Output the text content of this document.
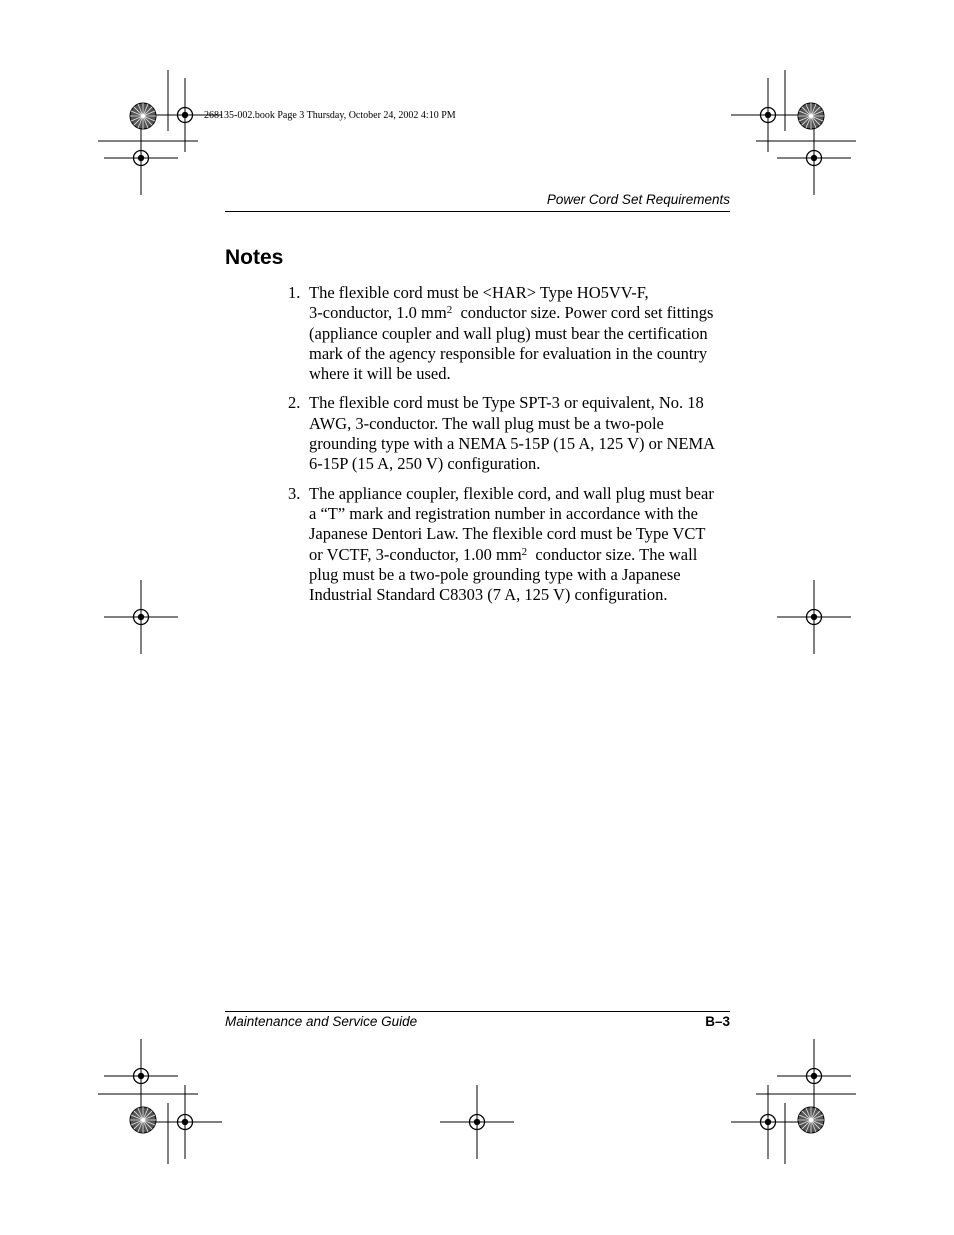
268135-002.book Page 3 Thursday, October 24, 2002 4:10 PM
Power Cord Set Requirements
Notes
1. The flexible cord must be <HAR> Type HO5VV-F,
3-conductor, 1.0 $mm^2$  conductor size. Power cord set fittings
(appliance coupler and wall plug) must bear the certification
mark of the agency responsible for evaluation in the country
where it will be used.
2. The flexible cord must be Type SPT-3 or equivalent, No. 18
AWG, 3-conductor. The wall plug must be a two-pole
grounding type with a NEMA 5-15P (15 A, 125 V) or NEMA
6-15P (15 A, 250 V) configuration.
3. The appliance coupler, flexible cord, and wall plug must bear
a “T” mark and registration number in accordance with the
Japanese Dentori Law. The flexible cord must be Type VCT
or VCTF, 3-conductor, 1.00 $mm^2$  conductor size. The wall
plug must be a two-pole grounding type with a Japanese
Industrial Standard C8303 (7 A, 125 V) configuration.
Maintenance and Service Guide	B–3
